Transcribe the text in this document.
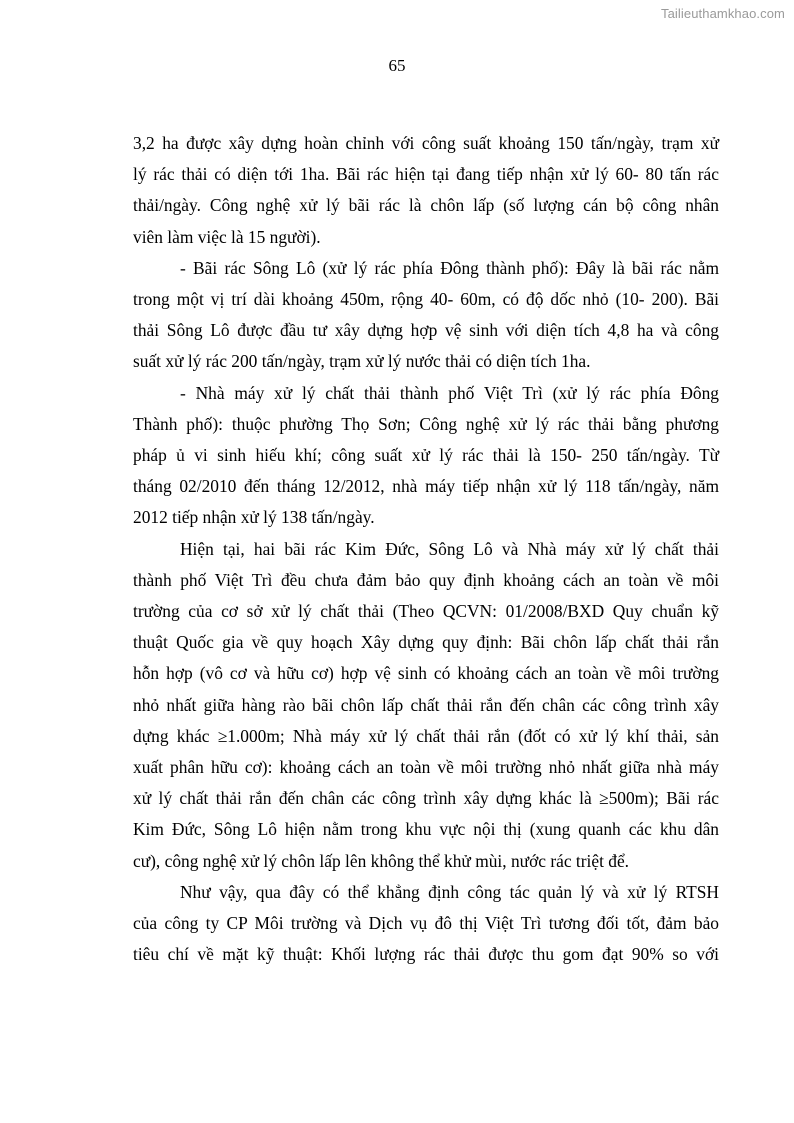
Tailieuthamkhao.com
65

3,2 ha được xây dựng hoàn chỉnh với công suất khoảng 150 tấn/ngày, trạm xử
lý rác thải có diện tới 1ha. Bãi rác hiện tại đang tiếp nhận xử lý 60- 80 tấn rác
thải/ngày. Công nghệ xử lý bãi rác là chôn lấp (số lượng cán bộ công nhân
viên làm việc là 15 người).

- Bãi rác Sông Lô (xử lý rác phía Đông thành phố): Đây là bãi rác nằm
trong một vị trí dài khoảng 450m, rộng 40- 60m, có độ dốc nhỏ (10- 200). Bãi
thải Sông Lô được đầu tư xây dựng hợp vệ sinh với diện tích 4,8 ha và công
suất xử lý rác 200 tấn/ngày, trạm xử lý nước thải có diện tích 1ha.

- Nhà máy xử lý chất thải thành phố Việt Trì (xử lý rác phía Đông
Thành phố): thuộc phường Thọ Sơn; Công nghệ xử lý rác thải bằng phương
pháp ủ vi sinh hiếu khí; công suất xử lý rác thải là 150- 250 tấn/ngày. Từ
tháng 02/2010 đến tháng 12/2012, nhà máy tiếp nhận xử lý 118 tấn/ngày, năm
2012 tiếp nhận xử lý 138 tấn/ngày.

Hiện tại, hai bãi rác Kim Đức, Sông Lô và Nhà máy xử lý chất thải
thành phố Việt Trì đều chưa đảm bảo quy định khoảng cách an toàn về môi
trường của cơ sở xử lý chất thải (Theo QCVN: 01/2008/BXD Quy chuẩn kỹ
thuật Quốc gia về quy hoạch Xây dựng quy định: Bãi chôn lấp chất thải rắn
hỗn hợp (vô cơ và hữu cơ) hợp vệ sinh có khoảng cách an toàn về môi trường
nhỏ nhất giữa hàng rào bãi chôn lấp chất thải rắn đến chân các công trình xây
dựng khác ≥1.000m; Nhà máy xử lý chất thải rắn (đốt có xử lý khí thải, sản
xuất phân hữu cơ): khoảng cách an toàn về môi trường nhỏ nhất giữa nhà máy
xử lý chất thải rắn đến chân các công trình xây dựng khác là ≥500m); Bãi rác
Kim Đức, Sông Lô hiện nằm trong khu vực nội thị (xung quanh các khu dân
cư), công nghệ xử lý chôn lấp lên không thể khử mùi, nước rác triệt để.

Như vậy, qua đây có thể khẳng định công tác quản lý và xử lý RTSH
của công ty CP Môi trường và Dịch vụ đô thị Việt Trì tương đối tốt, đảm bảo
tiêu chí về mặt kỹ thuật: Khối lượng rác thải được thu gom đạt 90% so với
